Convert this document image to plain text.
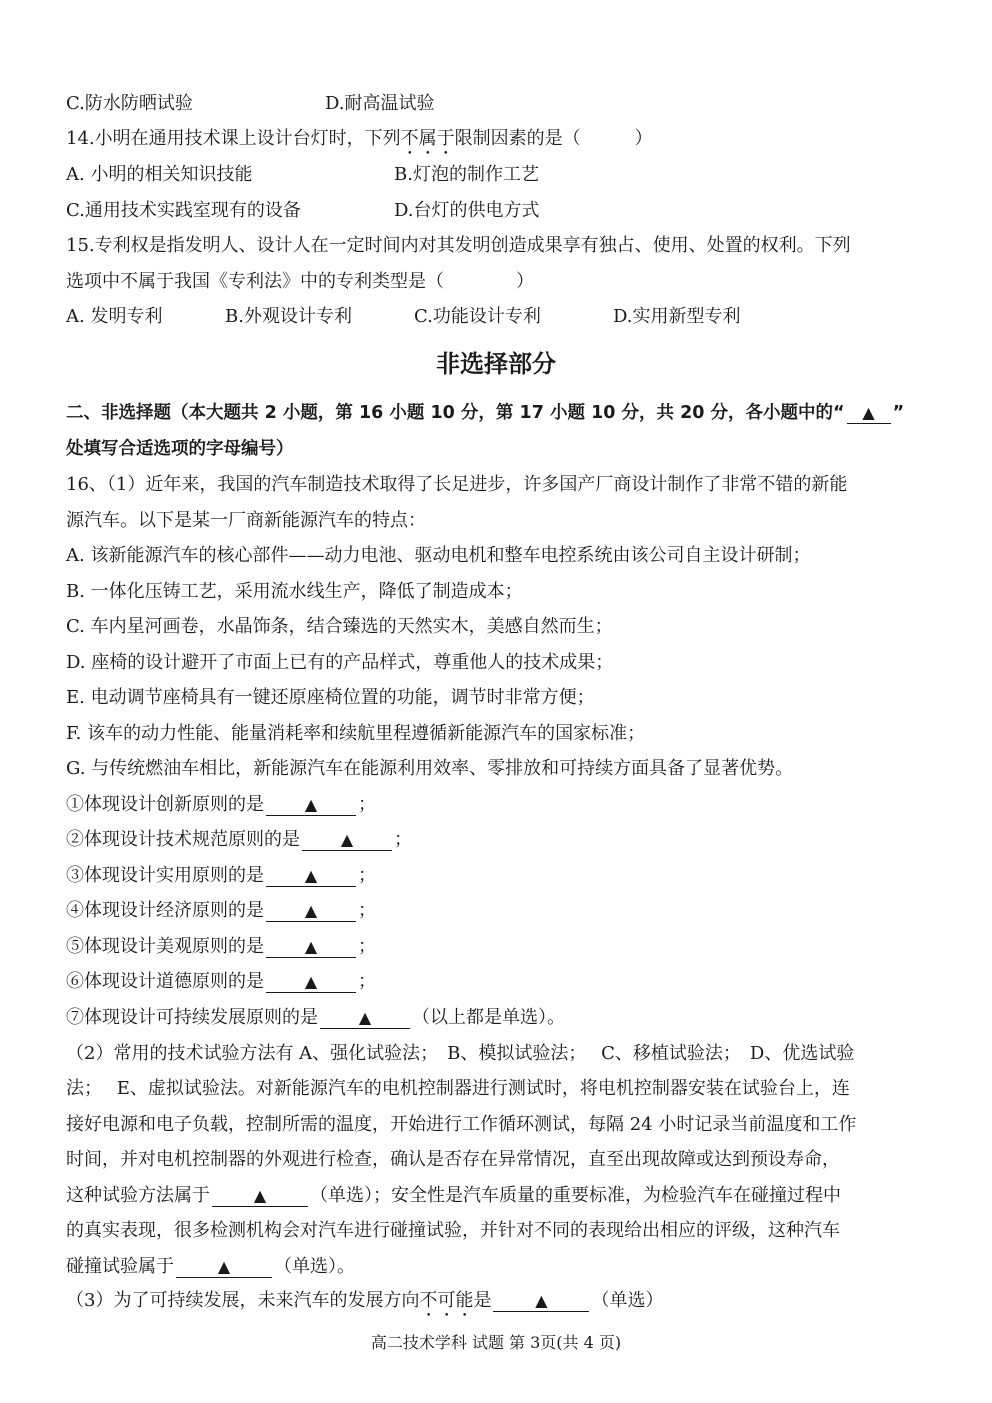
C.防水防晒试验	D.耐高温试验
14.小明在通用技术课上设计台灯时，下列不属于限制因素的是（　　　）
A. 小明的相关知识技能	B.灯泡的制作工艺
C.通用技术实践室现有的设备	D.台灯的供电方式
15.专利权是指发明人、设计人在一定时间内对其发明创造成果享有独占、使用、处置的权利。下列
选项中不属于我国《专利法》中的专利类型是（　　　　）
A. 发明专利	B.外观设计专利	C.功能设计专利	D.实用新型专利
非选择部分
二、非选择题（本大题共 2 小题，第 16 小题 10 分，第 17 小题 10 分，共 20 分，各小题中的“ ▲ ”
处填写合适选项的字母编号）
16、（1）近年来，我国的汽车制造技术取得了长足进步，许多国产厂商设计制作了非常不错的新能
源汽车。以下是某一厂商新能源汽车的特点：
A. 该新能源汽车的核心部件——动力电池、驱动电机和整车电控系统由该公司自主设计研制；
B. 一体化压铸工艺，采用流水线生产，降低了制造成本；
C. 车内星河画卷，水晶饰条，结合臻选的天然实木，美感自然而生；
D. 座椅的设计避开了市面上已有的产品样式，尊重他人的技术成果；
E. 电动调节座椅具有一键还原座椅位置的功能，调节时非常方便；
F. 该车的动力性能、能量消耗率和续航里程遵循新能源汽车的国家标准；
G. 与传统燃油车相比，新能源汽车在能源利用效率、零排放和可持续方面具备了显著优势。
①体现设计创新原则的是	▲ ；
②体现设计技术规范原则的是	▲ ；
③体现设计实用原则的是	▲ ；
④体现设计经济原则的是	▲ ；
⑤体现设计美观原则的是	▲ ；
⑥体现设计道德原则的是	▲ ；
⑦体现设计可持续发展原则的是	▲ （以上都是单选）。
（2）常用的技术试验方法有 A、强化试验法；　B、模拟试验法；　 C、移植试验法；　D、优选试验
法；　 E、虚拟试验法。对新能源汽车的电机控制器进行测试时，将电机控制器安装在试验台上，连
接好电源和电子负载，控制所需的温度，开始进行工作循环测试，每隔 24 小时记录当前温度和工作
时间，并对电机控制器的外观进行检查，确认是否存在异常情况，直至出现故障或达到预设寿命，
这种试验方法属于	▲ （单选）；安全性是汽车质量的重要标准，为检验汽车在碰撞过程中
的真实表现，很多检测机构会对汽车进行碰撞试验，并针对不同的表现给出相应的评级，这种汽车
碰撞试验属于	▲ （单选）。
（3）为了可持续发展，未来汽车的发展方向不可能是	▲ （单选）
高二技术学科 试题 第 3页(共 4 页)
